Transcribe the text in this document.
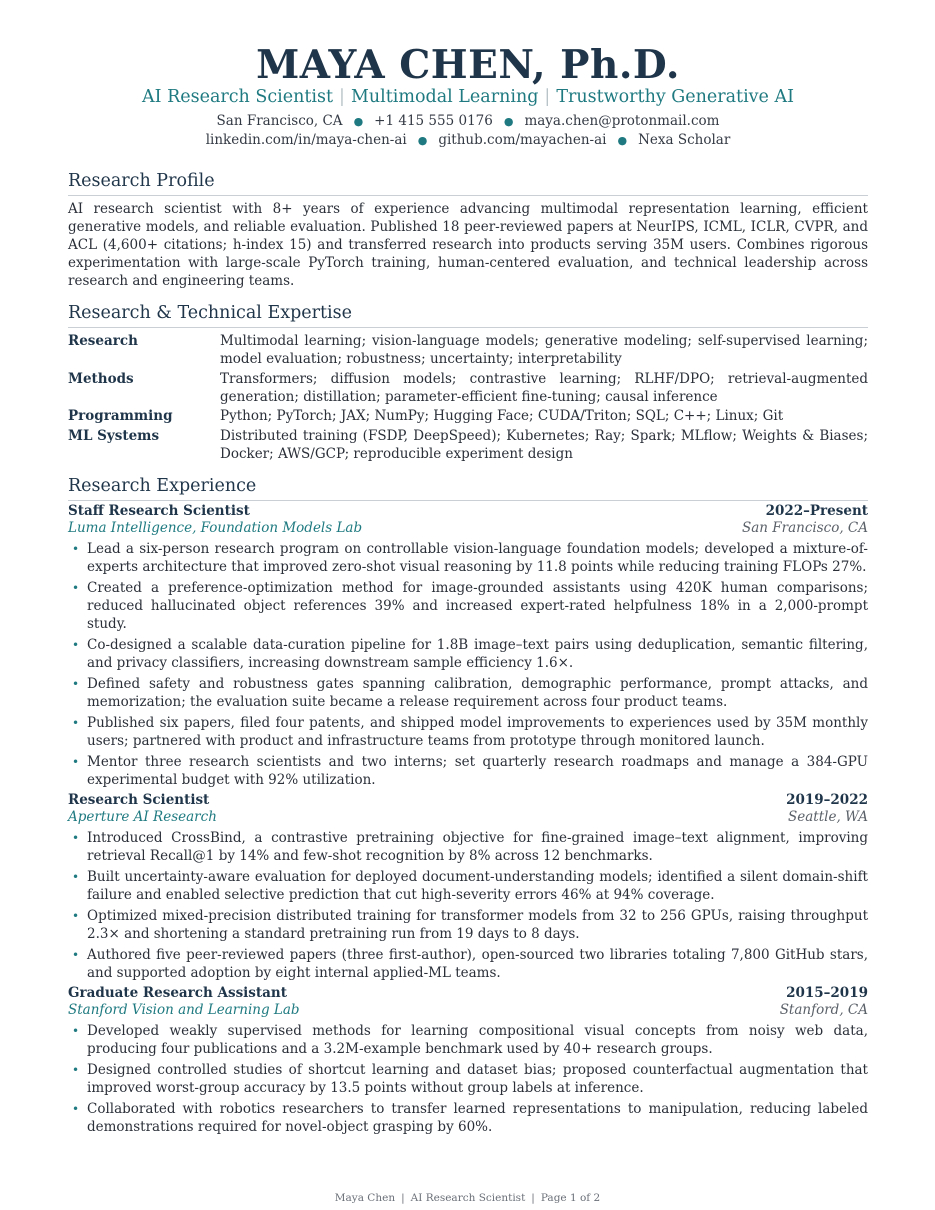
MAYA CHEN, Ph.D.
AI Research Scientist | Multimodal Learning | Trustworthy Generative AI
San Francisco, CA ● +1 415 555 0176 ● maya.chen@protonmail.com
linkedin.com/in/maya-chen-ai ● github.com/mayachen-ai ● Nexa Scholar
Research Profile
AI research scientist with 8+ years of experience advancing multimodal representation learning, efficient generative models, and reliable evaluation. Published 18 peer-reviewed papers at NeurIPS, ICML, ICLR, CVPR, and ACL (4,600+ citations; h-index 15) and transferred research into products serving 35M users. Combines rigorous experimentation with large-scale PyTorch training, human-centered evaluation, and technical leadership across research and engineering teams.
Research & Technical Expertise
Research	Multimodal learning; vision-language models; generative modeling; self-supervised learning; model evaluation; robustness; uncertainty; interpretability
Methods	Transformers; diffusion models; contrastive learning; RLHF/DPO; retrieval-augmented generation; distillation; parameter-efficient fine-tuning; causal inference
Programming	Python; PyTorch; JAX; NumPy; Hugging Face; CUDA/Triton; SQL; C++; Linux; Git
ML Systems	Distributed training (FSDP, DeepSpeed); Kubernetes; Ray; Spark; MLflow; Weights & Biases; Docker; AWS/GCP; reproducible experiment design
Research Experience
Staff Research Scientist	2022–Present
Luma Intelligence, Foundation Models Lab	San Francisco, CA
• Lead a six-person research program on controllable vision-language foundation models; developed a mixture-of-experts architecture that improved zero-shot visual reasoning by 11.8 points while reducing training FLOPs 27%.
• Created a preference-optimization method for image-grounded assistants using 420K human comparisons; reduced hallucinated object references 39% and increased expert-rated helpfulness 18% in a 2,000-prompt study.
• Co-designed a scalable data-curation pipeline for 1.8B image–text pairs using deduplication, semantic filtering, and privacy classifiers, increasing downstream sample efficiency 1.6×.
• Defined safety and robustness gates spanning calibration, demographic performance, prompt attacks, and memorization; the evaluation suite became a release requirement across four product teams.
• Published six papers, filed four patents, and shipped model improvements to experiences used by 35M monthly users; partnered with product and infrastructure teams from prototype through monitored launch.
• Mentor three research scientists and two interns; set quarterly research roadmaps and manage a 384-GPU experimental budget with 92% utilization.
Research Scientist	2019–2022
Aperture AI Research	Seattle, WA
• Introduced CrossBind, a contrastive pretraining objective for fine-grained image–text alignment, improving retrieval Recall@1 by 14% and few-shot recognition by 8% across 12 benchmarks.
• Built uncertainty-aware evaluation for deployed document-understanding models; identified a silent domain-shift failure and enabled selective prediction that cut high-severity errors 46% at 94% coverage.
• Optimized mixed-precision distributed training for transformer models from 32 to 256 GPUs, raising throughput 2.3× and shortening a standard pretraining run from 19 days to 8 days.
• Authored five peer-reviewed papers (three first-author), open-sourced two libraries totaling 7,800 GitHub stars, and supported adoption by eight internal applied-ML teams.
Graduate Research Assistant	2015–2019
Stanford Vision and Learning Lab	Stanford, CA
• Developed weakly supervised methods for learning compositional visual concepts from noisy web data, producing four publications and a 3.2M-example benchmark used by 40+ research groups.
• Designed controlled studies of shortcut learning and dataset bias; proposed counterfactual augmentation that improved worst-group accuracy by 13.5 points without group labels at inference.
• Collaborated with robotics researchers to transfer learned representations to manipulation, reducing labeled demonstrations required for novel-object grasping by 60%.
Maya Chen | AI Research Scientist | Page 1 of 2
